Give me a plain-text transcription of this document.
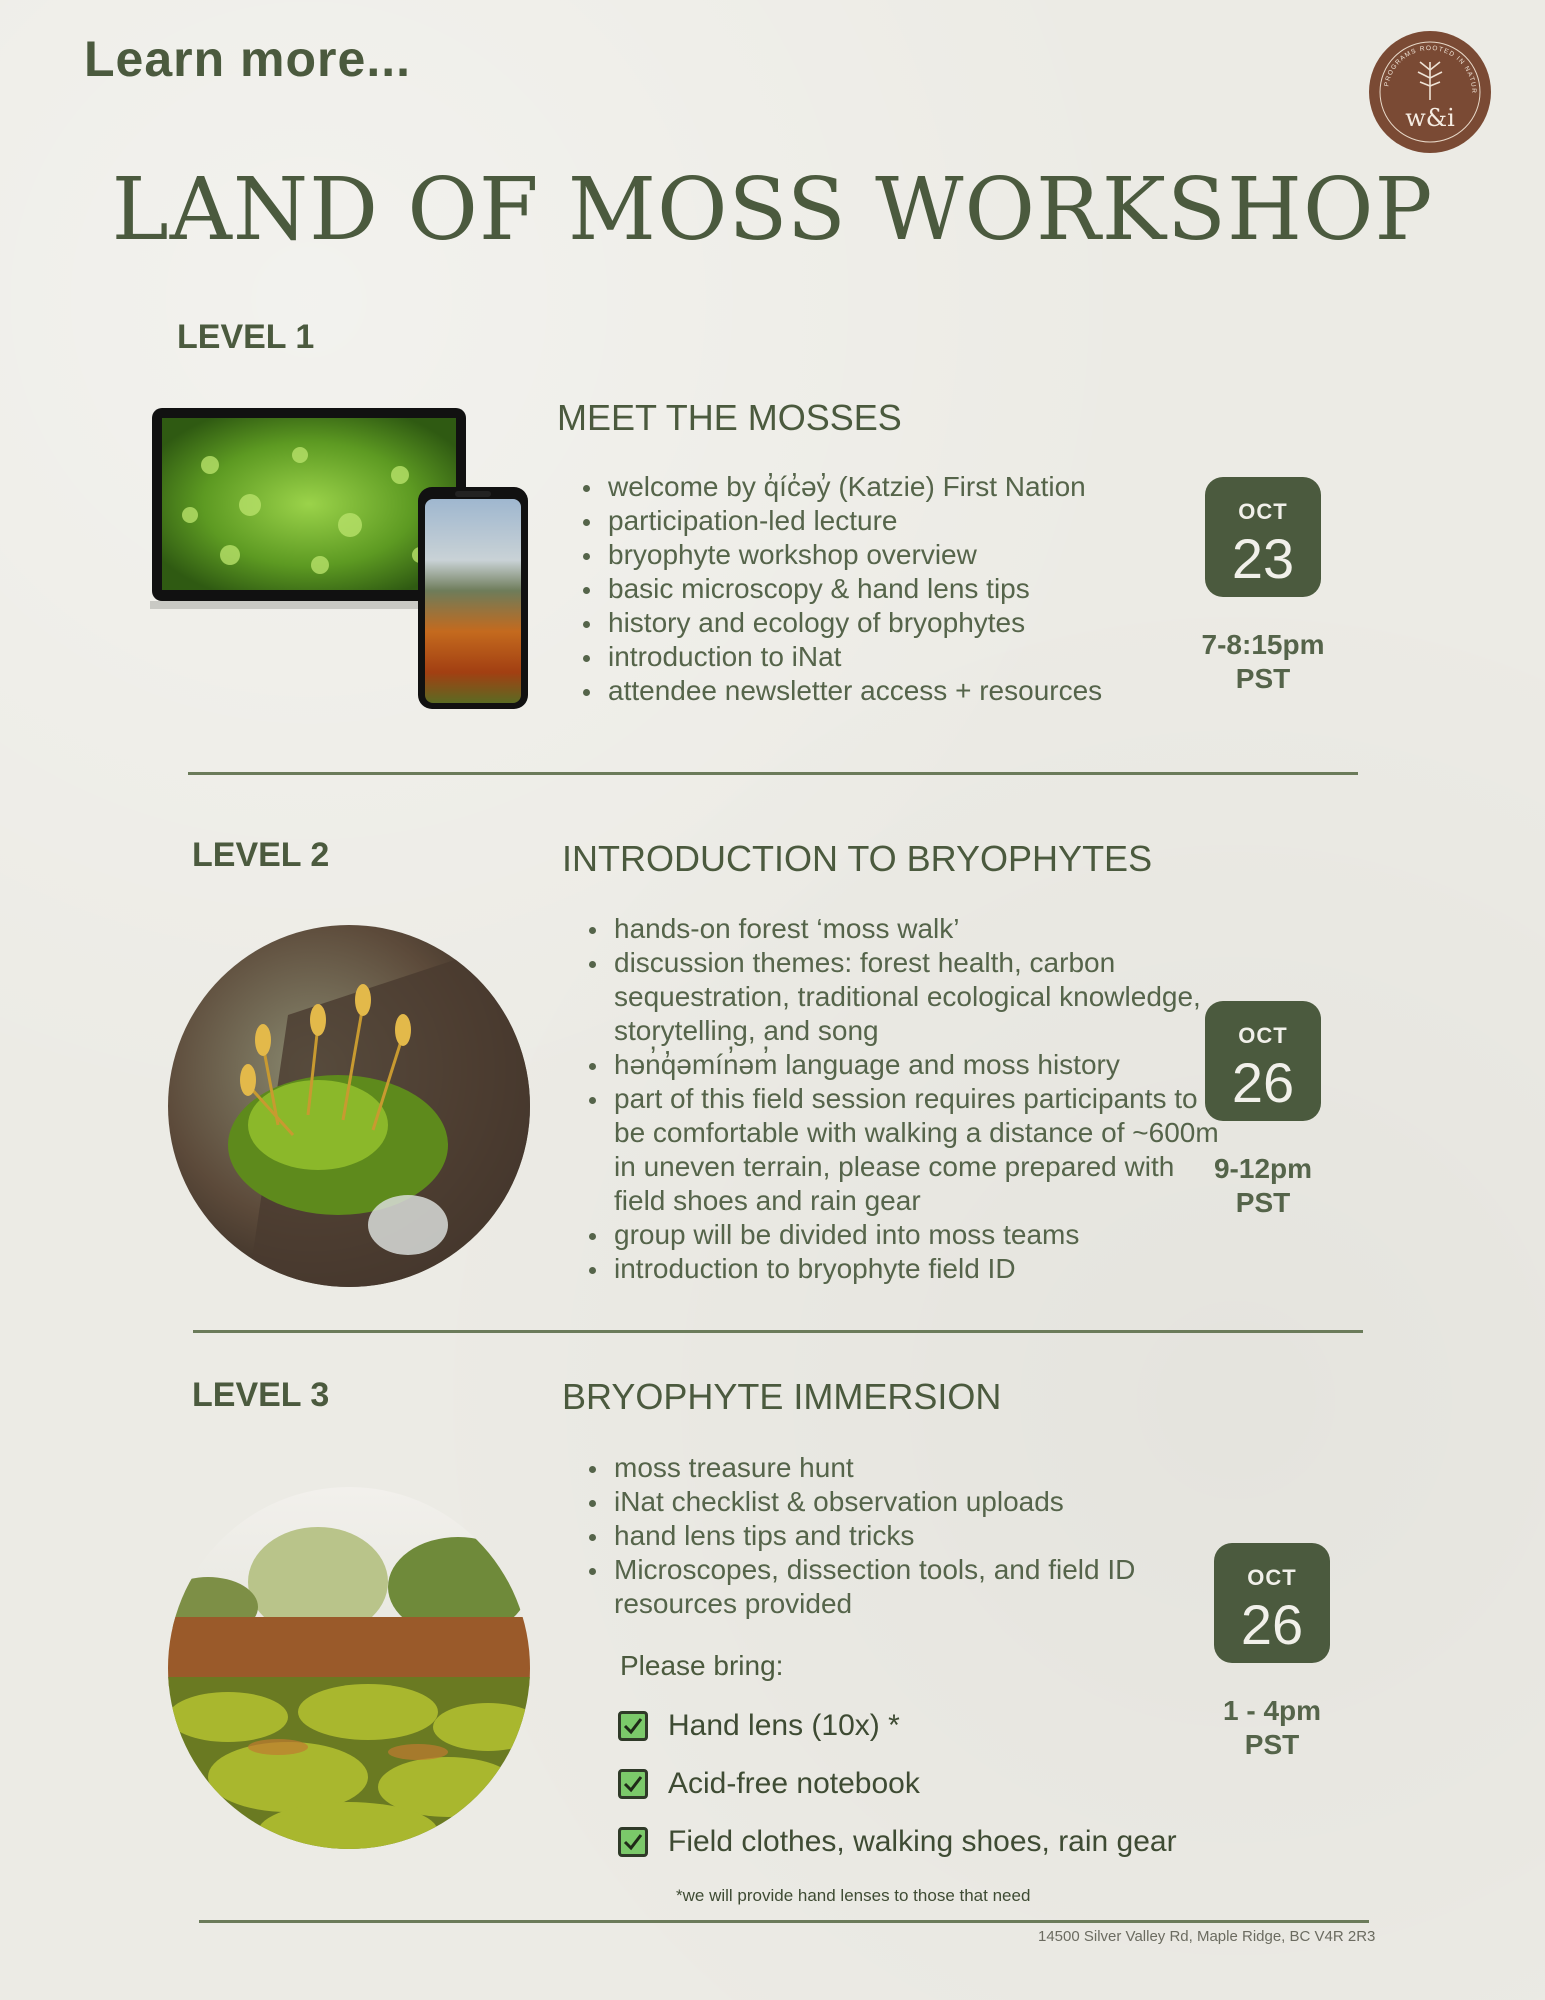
Learn more...	PROGRAMS ROOTED IN NATUR
w&i
LAND OF MOSS WORKSHOP
LEVEL 1
MEET THE MOSSES
• welcome by q̓íc̓əy̓ (Katzie) First Nation
• participation-led lecture
• bryophyte workshop overview
• basic microscopy & hand lens tips
• history and ecology of bryophytes
• introduction to iNat
• attendee newsletter access + resources
OCT
23
7-8:15pm
PST
LEVEL 2	INTRODUCTION TO BRYOPHYTES
• hands-on forest ‘moss walk’
• discussion themes: forest health, carbon sequestration, traditional ecological knowledge, storytelling, and song
• hən̓q̓əmín̓əm̓ language and moss history
• part of this field session requires participants to be comfortable with walking a distance of ~600m in uneven terrain, please come prepared with field shoes and rain gear
• group will be divided into moss teams
• introduction to bryophyte field ID
OCT
26
9-12pm
PST
LEVEL 3	BRYOPHYTE IMMERSION
• moss treasure hunt
• iNat checklist & observation uploads
• hand lens tips and tricks
• Microscopes, dissection tools, and field ID resources provided
Please bring:
Hand lens (10x) *
Acid-free notebook
Field clothes, walking shoes, rain gear
*we will provide hand lenses to those that need
OCT
26
1 - 4pm
PST
14500 Silver Valley Rd, Maple Ridge, BC V4R 2R3
